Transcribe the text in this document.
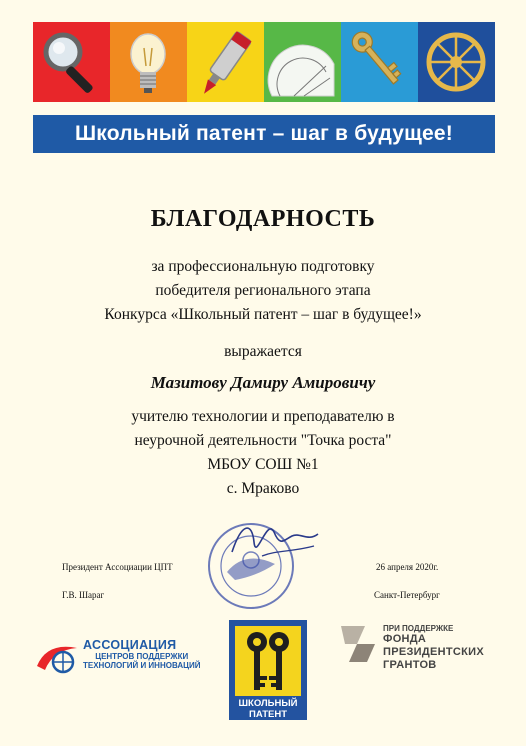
Школьный патент – шаг в будущее!
БЛАГОДАРНОСТЬ
за профессиональную подготовку
победителя регионального этапа
Конкурса «Школьный патент – шаг в будущее!»
выражается
Мазитову Дамиру Амировичу
учителю технологии и преподавателю в
неурочной деятельности "Точка роста"
МБОУ СОШ №1
с. Мраково
Президент Ассоциации ЦПТ
Г.В. Шараг
26 апреля 2020г.
Санкт-Петербург
АССОЦИАЦИЯ
ЦЕНТРОВ ПОДДЕРЖКИ
ТЕХНОЛОГИЙ И ИННОВАЦИЙ
ШКОЛЬНЫЙ
ПАТЕНТ
ПРИ ПОДДЕРЖКЕ
ФОНДА
ПРЕЗИДЕНТСКИХ
ГРАНТОВ
